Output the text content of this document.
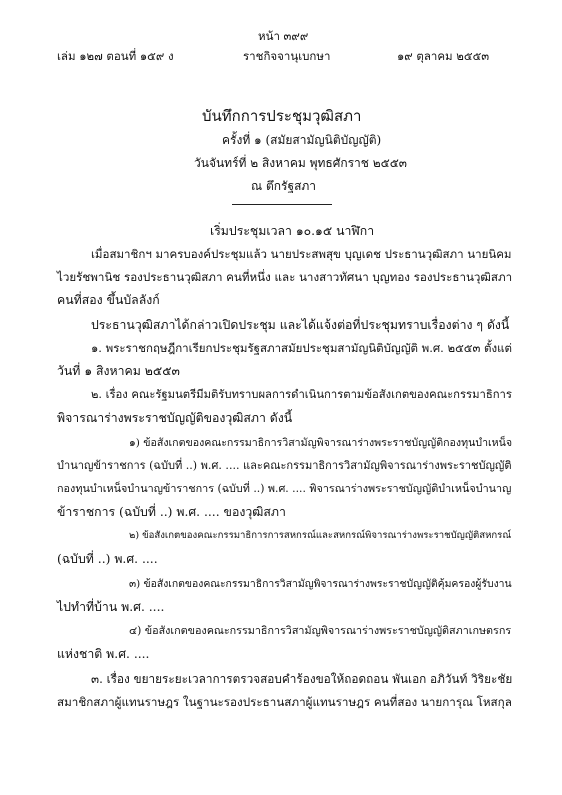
หน้า ๓๙๙
เล่ม ๑๒๗ ตอนที่ ๑๕๙ ง	ราชกิจจานุเบกษา	๑๙ ตุลาคม ๒๕๕๓
บันทึกการประชุมวุฒิสภา
ครั้งที่ ๑ (สมัยสามัญนิติบัญญัติ)
วันจันทร์ที่ ๒ สิงหาคม พุทธศักราช ๒๕๕๓
ณ ตึกรัฐสภา
เริ่มประชุมเวลา ๑๐.๑๕ นาฬิกา
เมื่อสมาชิกฯ มาครบองค์ประชุมแล้ว นายประสพสุข บุญเดช ประธานวุฒิสภา นายนิคม
ไวยรัชพานิช รองประธานวุฒิสภา คนที่หนึ่ง และ นางสาวทัศนา บุญทอง รองประธานวุฒิสภา
คนที่สอง ขึ้นบัลลังก์
ประธานวุฒิสภาได้กล่าวเปิดประชุม และได้แจ้งต่อที่ประชุมทราบเรื่องต่าง ๆ ดังนี้
๑. พระราชกฤษฎีกาเรียกประชุมรัฐสภาสมัยประชุมสามัญนิติบัญญัติ พ.ศ. ๒๕๕๓ ตั้งแต่
วันที่ ๑ สิงหาคม ๒๕๕๓
๒. เรื่อง คณะรัฐมนตรีมีมติรับทราบผลการดำเนินการตามข้อสังเกตของคณะกรรมาธิการ
พิจารณาร่างพระราชบัญญัติของวุฒิสภา ดังนี้
๑) ข้อสังเกตของคณะกรรมาธิการวิสามัญพิจารณาร่างพระราชบัญญัติกองทุนบำเหน็จ
บำนาญข้าราชการ (ฉบับที่ ..) พ.ศ. .... และคณะกรรมาธิการวิสามัญพิจารณาร่างพระราชบัญญัติ
กองทุนบำเหน็จบำนาญข้าราชการ (ฉบับที่ ..) พ.ศ. .... พิจารณาร่างพระราชบัญญัติบำเหน็จบำนาญ
ข้าราชการ (ฉบับที่ ..) พ.ศ. .... ของวุฒิสภา
๒) ข้อสังเกตของคณะกรรมาธิการการสหกรณ์และสหกรณ์พิจารณาร่างพระราชบัญญัติสหกรณ์
(ฉบับที่ ..) พ.ศ. ....
๓) ข้อสังเกตของคณะกรรมาธิการวิสามัญพิจารณาร่างพระราชบัญญัติคุ้มครองผู้รับงาน
ไปทำที่บ้าน พ.ศ. ....
๔) ข้อสังเกตของคณะกรรมาธิการวิสามัญพิจารณาร่างพระราชบัญญัติสภาเกษตรกร
แห่งชาติ พ.ศ. ....
๓. เรื่อง ขยายระยะเวลาการตรวจสอบคำร้องขอให้ถอดถอน พันเอก อภิวันท์ วิริยะชัย
สมาชิกสภาผู้แทนราษฎร ในฐานะรองประธานสภาผู้แทนราษฎร คนที่สอง นายการุณ โหสกุล
